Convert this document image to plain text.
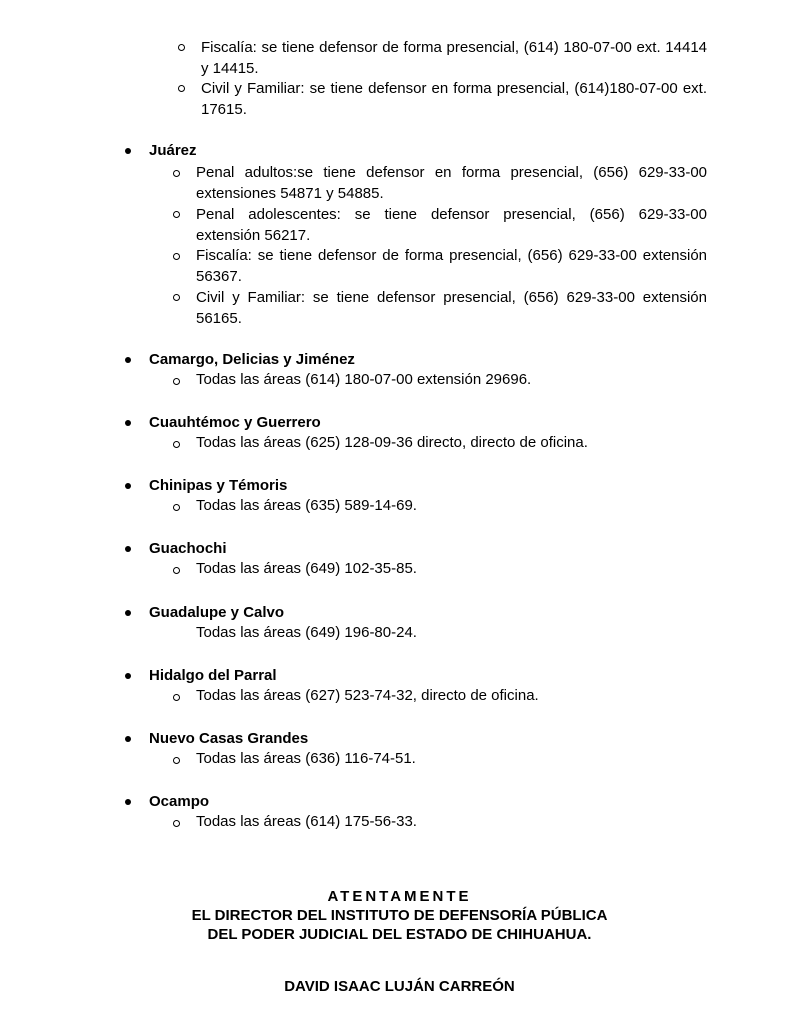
Fiscalía: se tiene defensor de forma presencial, (614) 180-07-00 ext. 14414 y 14415.
Civil y Familiar: se tiene defensor en forma presencial, (614)180-07-00 ext. 17615.
Juárez
Penal adultos:se tiene defensor en forma presencial, (656) 629-33-00 extensiones 54871 y 54885.
Penal adolescentes: se tiene defensor presencial, (656) 629-33-00 extensión 56217.
Fiscalía: se tiene defensor de forma presencial, (656) 629-33-00 extensión 56367.
Civil y Familiar: se tiene defensor presencial, (656) 629-33-00 extensión 56165.
Camargo, Delicias y Jiménez
Todas las áreas (614) 180-07-00 extensión 29696.
Cuauhtémoc y Guerrero
Todas las áreas (625) 128-09-36 directo, directo de oficina.
Chinipas y Témoris
Todas las áreas (635) 589-14-69.
Guachochi
Todas las áreas (649) 102-35-85.
Guadalupe y Calvo
Todas las áreas (649) 196-80-24.
Hidalgo del Parral
Todas las áreas (627) 523-74-32, directo de oficina.
Nuevo Casas Grandes
Todas las áreas (636) 116-74-51.
Ocampo
Todas las áreas (614) 175-56-33.
ATENTAMENTE
EL DIRECTOR DEL INSTITUTO DE DEFENSORÍA PÚBLICA
DEL PODER JUDICIAL DEL ESTADO DE CHIHUAHUA.
DAVID ISAAC LUJÁN CARREÓN
